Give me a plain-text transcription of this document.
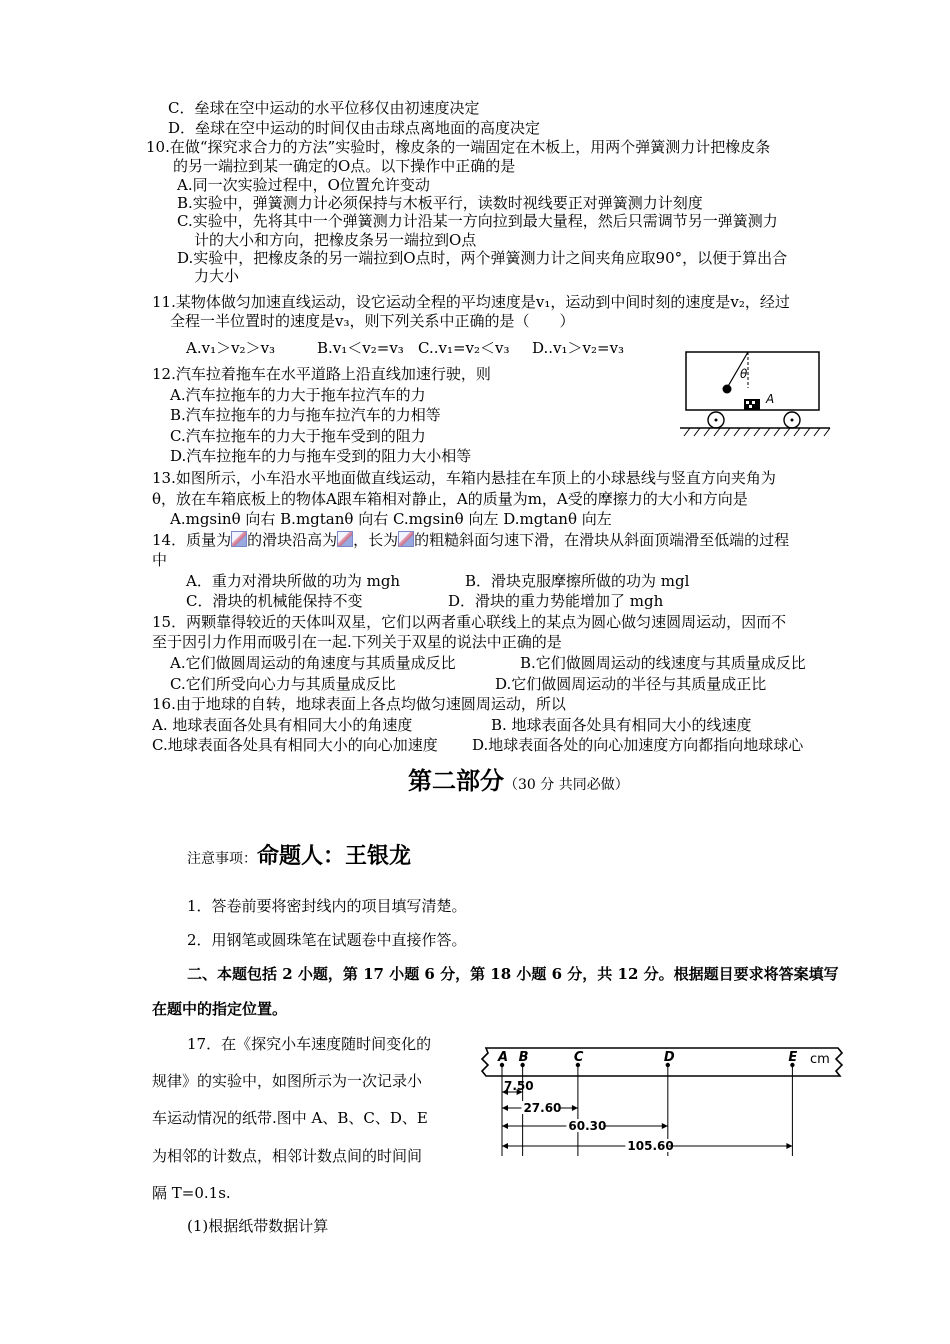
C．垒球在空中运动的水平位移仅由初速度决定
D．垒球在空中运动的时间仅由击球点离地面的高度决定
10.在做“探究求合力的方法”实验时，橡皮条的一端固定在木板上，用两个弹簧测力计把橡皮条
的另一端拉到某一确定的O点。以下操作中正确的是
A.同一次实验过程中，O位置允许变动
B.实验中，弹簧测力计必须保持与木板平行，读数时视线要正对弹簧测力计刻度
C.实验中，先将其中一个弹簧测力计沿某一方向拉到最大量程，然后只需调节另一弹簧测力
计的大小和方向，把橡皮条另一端拉到O点
D.实验中，把橡皮条的另一端拉到O点时，两个弹簧测力计之间夹角应取90°，以便于算出合
力大小
11.某物体做匀加速直线运动，设它运动全程的平均速度是v₁，运动到中间时刻的速度是v₂，经过
全程一半位置时的速度是v₃，则下列关系中正确的是（　　）
A.v₁＞v₂＞v₃	B.v₁＜v₂=v₃ C..v₁=v₂＜v₃ D..v₁＞v₂=v₃
θ
A
12.汽车拉着拖车在水平道路上沿直线加速行驶，则
A.汽车拉拖车的力大于拖车拉汽车的力
B.汽车拉拖车的力与拖车拉汽车的力相等
C.汽车拉拖车的力大于拖车受到的阻力
D.汽车拉拖车的力与拖车受到的阻力大小相等
13.如图所示，小车沿水平地面做直线运动，车箱内悬挂在车顶上的小球悬线与竖直方向夹角为
θ，放在车箱底板上的物体A跟车箱相对静止，A的质量为m，A受的摩擦力的大小和方向是
A.mgsinθ 向右 B.mgtanθ 向右 C.mgsinθ 向左 D.mgtanθ 向左
14．质量为 的滑块沿高为 ，长为 的粗糙斜面匀速下滑，在滑块从斜面顶端滑至低端的过程
中
A．重力对滑块所做的功为 mgh	B．滑块克服摩擦所做的功为 mgl
C．滑块的机械能保持不变	D．滑块的重力势能增加了 mgh
15．两颗靠得较近的天体叫双星，它们以两者重心联线上的某点为圆心做匀速圆周运动，因而不
至于因引力作用而吸引在一起.下列关于双星的说法中正确的是
A.它们做圆周运动的角速度与其质量成反比	B.它们做圆周运动的线速度与其质量成反比
C.它们所受向心力与其质量成反比	D.它们做圆周运动的半径与其质量成正比
16.由于地球的自转，地球表面上各点均做匀速圆周运动，所以
A. 地球表面各处具有相同大小的角速度	B. 地球表面各处具有相同大小的线速度
C.地球表面各处具有相同大小的向心加速度 D.地球表面各处的向心加速度方向都指向地球球心
第二部分（30 分 共同必做）
注意事项：命题人：王银龙
1．答卷前要将密封线内的项目填写清楚。
2．用钢笔或圆珠笔在试题卷中直接作答。
二、本题包括 2 小题，第 17 小题 6 分，第 18 小题 6 分，共 12 分。根据题目要求将答案填写
在题中的指定位置。
17．在《探究小车速度随时间变化的
规律》的实验中，如图所示为一次记录小
车运动情况的纸带.图中 A、B、C、D、E
为相邻的计数点，相邻计数点间的时间间
隔 T=0.1s.
(1)根据纸带数据计算
cm
A B	C	D	E
7.50
27.60
60.30
105.60
